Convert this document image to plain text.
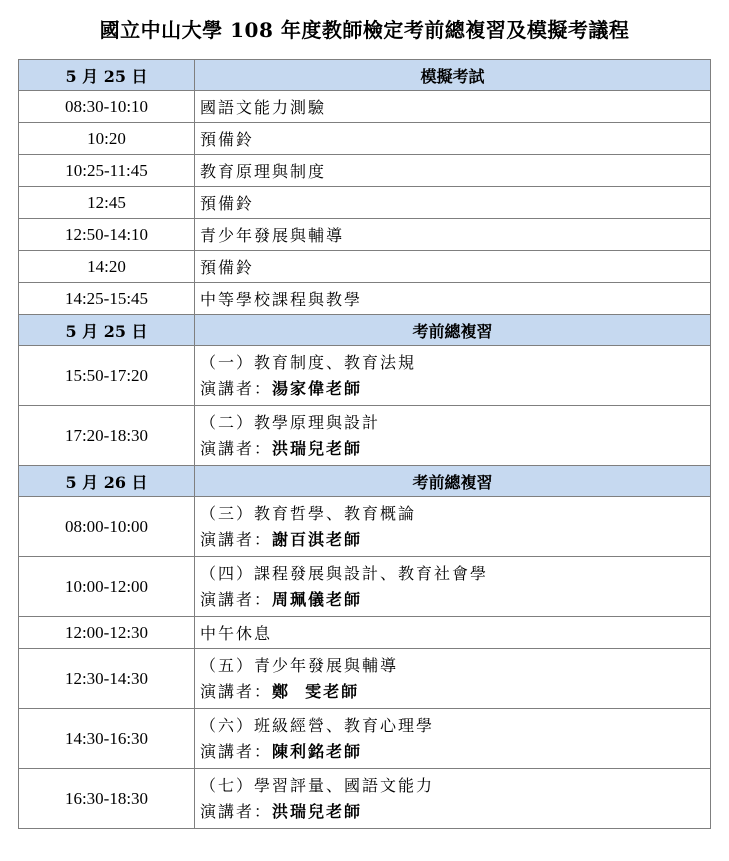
國立中山大學 108 年度教師檢定考前總複習及模擬考議程
5 月 25 日	模擬考試
08:30-10:10	國語文能力測驗
10:20	預備鈴
10:25-11:45	教育原理與制度
12:45	預備鈴
12:50-14:10	青少年發展與輔導
14:20	預備鈴
14:25-15:45	中等學校課程與教學
5 月 25 日	考前總複習
15:50-17:20	（一）教育制度、教育法規
演講者：湯家偉老師

17:20-18:30	（二）教學原理與設計
演講者：洪瑞兒老師

5 月 26 日	考前總複習
08:00-10:00	（三）教育哲學、教育概論
演講者：謝百淇老師

10:00-12:00	（四）課程發展與設計、教育社會學
演講者：周珮儀老師

12:00-12:30	中午休息
12:30-14:30	（五）青少年發展與輔導
演講者：鄭  雯老師

14:30-16:30	（六）班級經營、教育心理學
演講者：陳利銘老師

16:30-18:30	（七）學習評量、國語文能力
演講者：洪瑞兒老師
